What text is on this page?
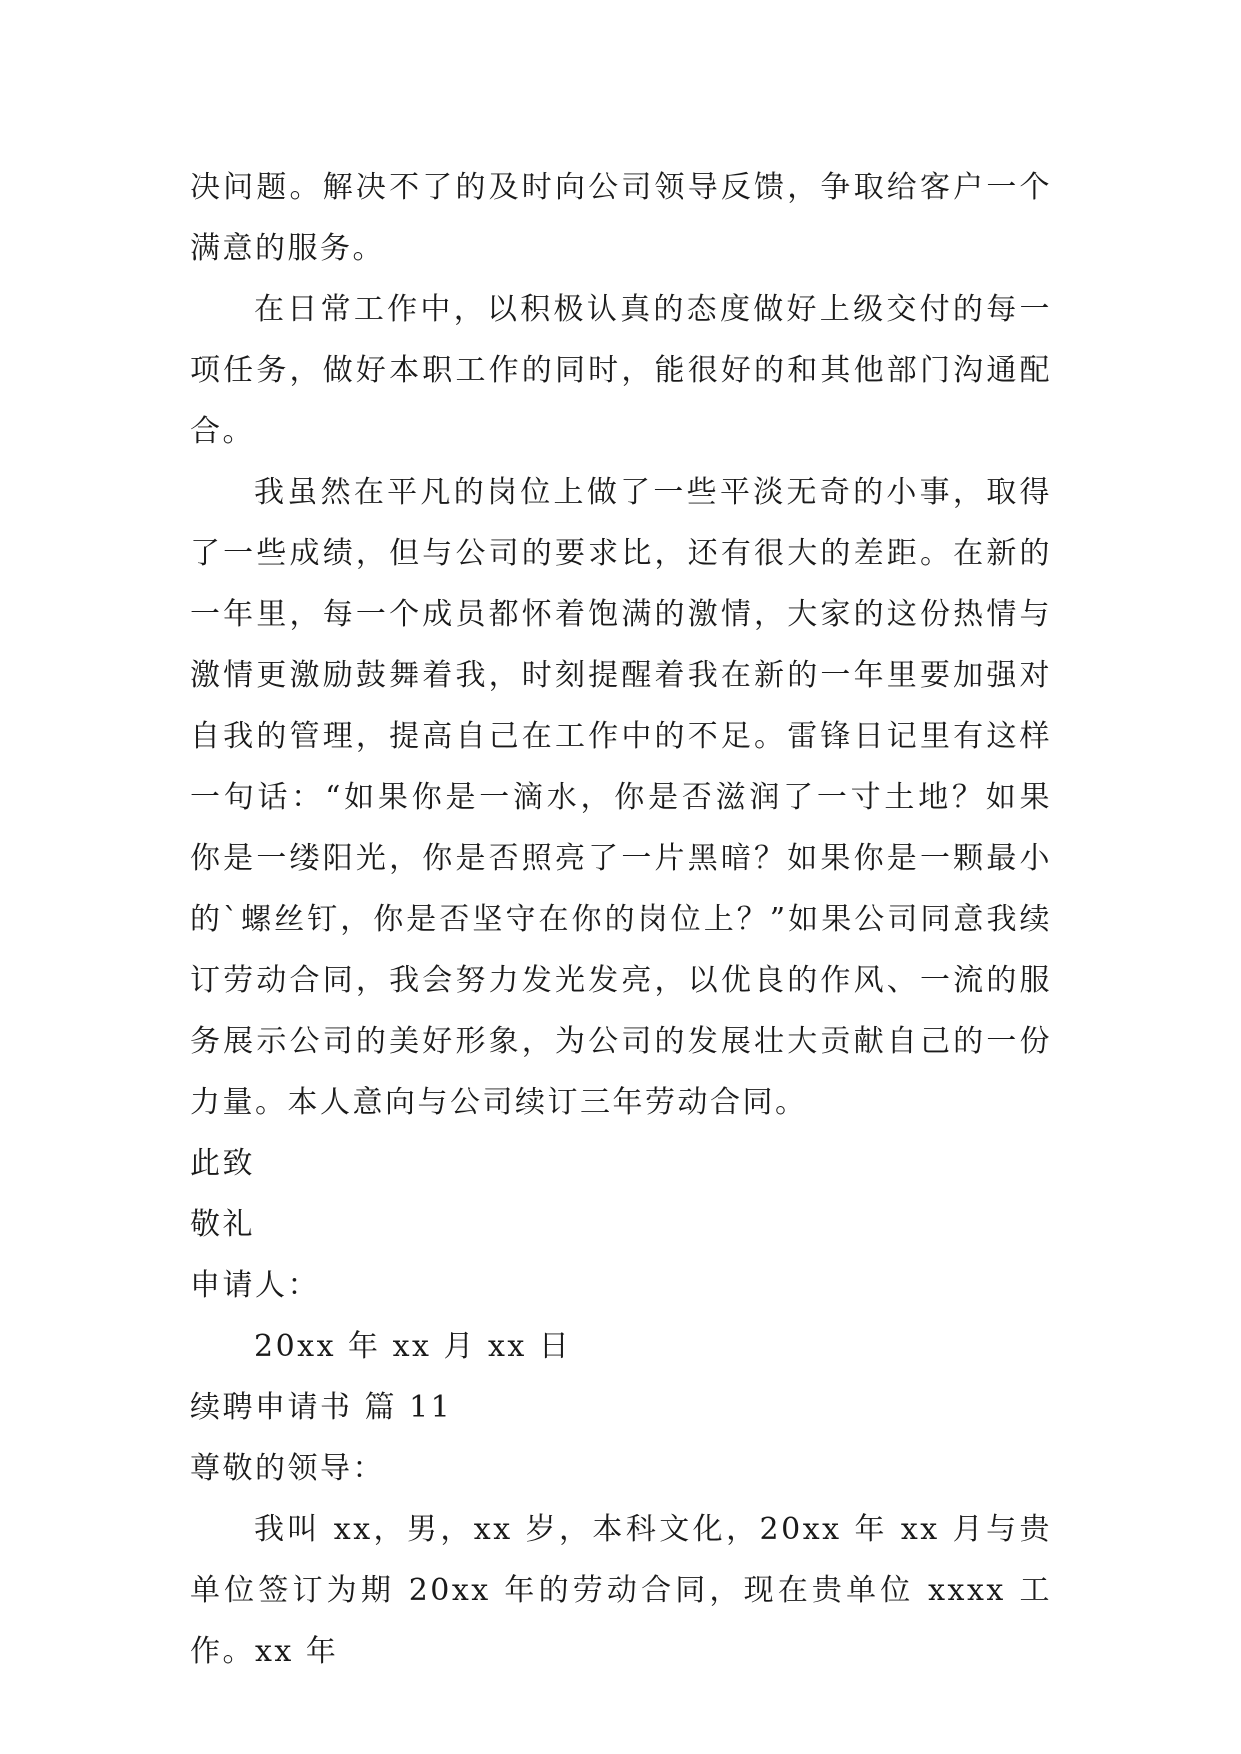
决问题。解决不了的及时向公司领导反馈，争取给客户一个满意的服务。

在日常工作中，以积极认真的态度做好上级交付的每一项任务，做好本职工作的同时，能很好的和其他部门沟通配合。

我虽然在平凡的岗位上做了一些平淡无奇的小事，取得了一些成绩，但与公司的要求比，还有很大的差距。在新的一年里，每一个成员都怀着饱满的激情，大家的这份热情与激情更激励鼓舞着我，时刻提醒着我在新的一年里要加强对自我的管理，提高自己在工作中的不足。雷锋日记里有这样一句话：“如果你是一滴水，你是否滋润了一寸土地？如果你是一缕阳光，你是否照亮了一片黑暗？如果你是一颗最小的`螺丝钉，你是否坚守在你的岗位上？”如果公司同意我续订劳动合同，我会努力发光发亮，以优良的作风、一流的服务展示公司的美好形象，为公司的发展壮大贡献自己的一份力量。本人意向与公司续订三年劳动合同。

此致

敬礼

申请人：

20xx 年 xx 月 xx 日

续聘申请书 篇 11

尊敬的领导：

我叫 xx，男，xx 岁，本科文化，20xx 年 xx 月与贵单位签订为期 20xx 年的劳动合同，现在贵单位 xxxx 工作。xx 年
